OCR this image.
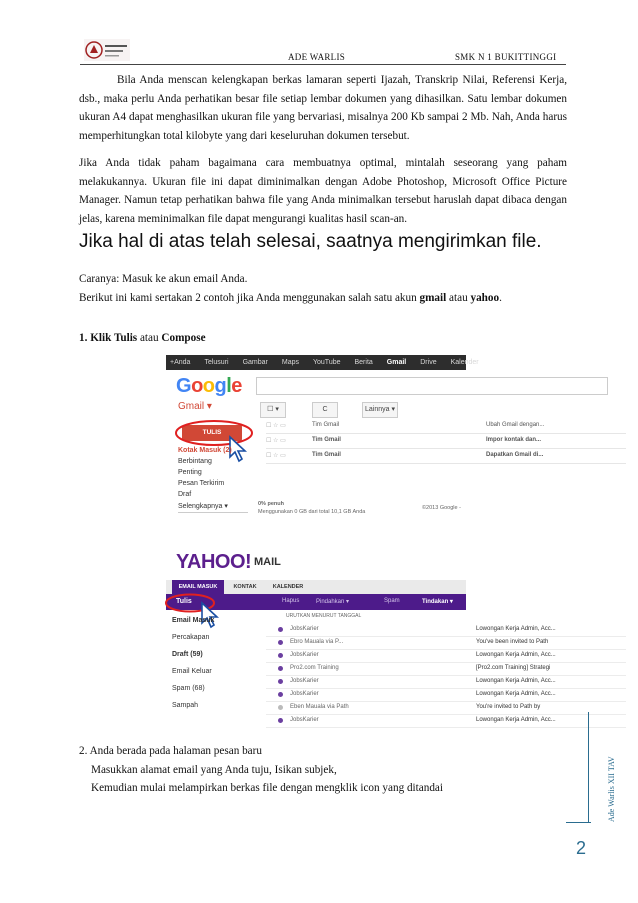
ADE WARLIS	SMK N 1 BUKITTINGGI

Bila Anda menscan kelengkapan berkas lamaran seperti Ijazah, Transkrip Nilai, Referensi Kerja, dsb., maka perlu Anda perhatikan besar file setiap lembar dokumen yang dihasilkan. Satu lembar dokumen ukuran A4 dapat menghasilkan ukuran file yang bervariasi, misalnya 200 Kb sampai 2 Mb. Nah, Anda harus memperhitungkan total kilobyte yang dari keseluruhan dokumen tersebut.

Jika Anda tidak paham bagaimana cara membuatnya optimal, mintalah seseorang yang paham melakukannya. Ukuran file ini dapat diminimalkan dengan Adobe Photoshop, Microsoft Office Picture Manager. Namun tetap perhatikan bahwa file yang Anda minimalkan tersebut haruslah dapat dibaca dengan jelas, karena meminimalkan file dapat mengurangi kualitas hasil scan-an.

Jika hal di atas telah selesai, saatnya mengirimkan file.

Caranya: Masuk ke akun email Anda.

Berikut ini kami sertakan 2 contoh jika Anda menggunakan salah satu akun gmail atau yahoo.

1. Klik Tulis atau Compose

+Anda Telusuri Gambar Maps YouTube Berita Gmail Drive Kalender
Google
Gmail ▾	☐ ▾	C	Lainnya ▾
TULIS
Kotak Masuk (2)
Berbintang
Penting
Pesan Terkirim
Draf
Selengkapnya ▾
☐ ☆ ▭	Tim Gmail	Ubah Gmail dengan...
☐ ☆ ▭	Tim Gmail	Impor kontak dan...
☐ ☆ ▭	Tim Gmail	Dapatkan Gmail di...
0% penuh
Menggunakan 0 GB dari total 10,1 GB Anda
©2013 Google -
YAHOO! MAIL
EMAIL MASUK	KONTAK	KALENDER
Tulis	Hapus	Pindahkan ▾	Spam	Tindakan ▾
URUTKAN MENURUT TANGGAL
Email Masuk
Percakapan
Draft (59)
Email Keluar
Spam (68)
Sampah
JobsKarier	Lowongan Kerja Admin, Acc...
Ebro Mauala via P...	You've been invited to Path
JobsKarier	Lowongan Kerja Admin, Acc...
Pro2.com Training	[Pro2.com Training] Strategi
JobsKarier	Lowongan Kerja Admin, Acc...
JobsKarier	Lowongan Kerja Admin, Acc...
Eben Mauala via Path	You're invited to Path by
JobsKarier	Lowongan Kerja Admin, Acc...

2. Anda berada pada halaman pesan baru

Masukkan alamat email yang Anda tuju, Isikan subjek,

Kemudian mulai melampirkan berkas file dengan mengklik icon yang ditandai	Ade Warlis XII TAV
2
